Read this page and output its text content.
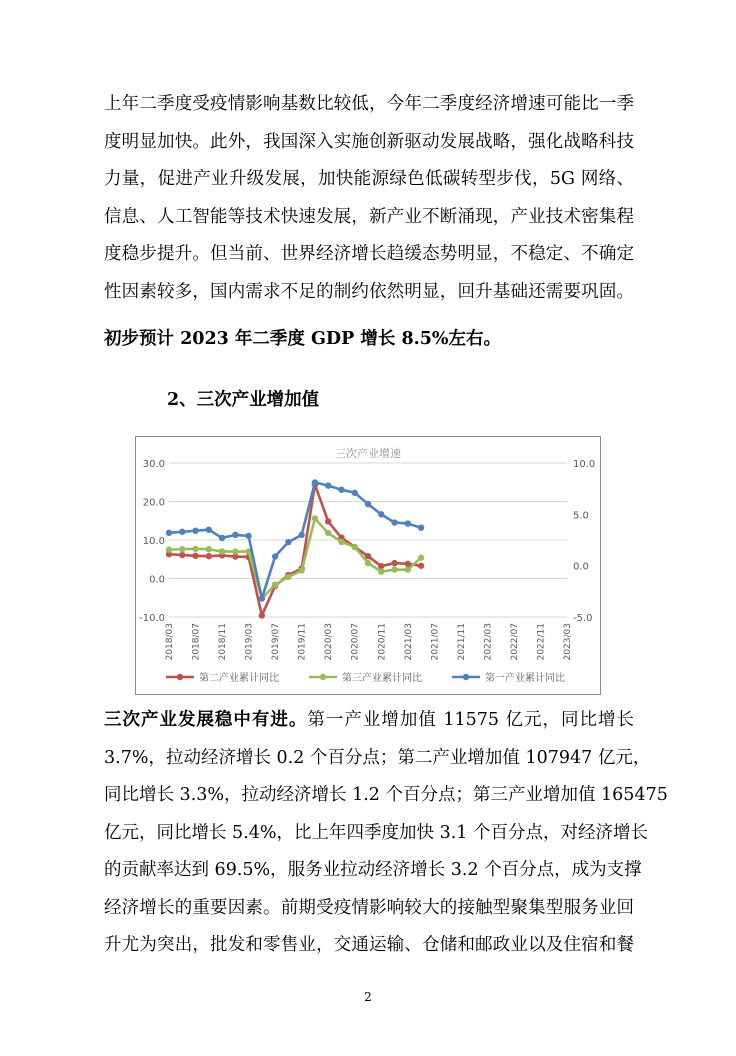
上年二季度受疫情影响基数比较低，今年二季度经济增速可能比一季
度明显加快。此外，我国深入实施创新驱动发展战略，强化战略科技
力量，促进产业升级发展，加快能源绿色低碳转型步伐，5G 网络、
信息、人工智能等技术快速发展，新产业不断涌现，产业技术密集程
度稳步提升。但当前、世界经济增长趋缓态势明显，不稳定、不确定
性因素较多，国内需求不足的制约依然明显，回升基础还需要巩固。
初步预计 2023 年二季度 GDP 增长 8.5%左右。
2、三次产业增加值
30.0
20.0
10.0
0.0
-10.0
10.0
5.0
0.0
-5.0
2018/03 2018/07 2018/11 2019/03 2019/07 2019/11 2020/03 2020/07 2020/11 2021/03 2021/07 2021/11 2022/03 2022/07 2022/11 2023/03
第二产业累计同比	第三产业累计同比	第一产业累计同比
三次产业增速
三次产业发展稳中有进。第一产业增加值 11575 亿元，同比增长
3.7%，拉动经济增长 0.2 个百分点；第二产业增加值 107947 亿元，
同比增长 3.3%，拉动经济增长 1.2 个百分点；第三产业增加值 165475
亿元，同比增长 5.4%，比上年四季度加快 3.1 个百分点，对经济增长
的贡献率达到 69.5%，服务业拉动经济增长 3.2 个百分点，成为支撑
经济增长的重要因素。前期受疫情影响较大的接触型聚集型服务业回
升尤为突出，批发和零售业，交通运输、仓储和邮政业以及住宿和餐
2
